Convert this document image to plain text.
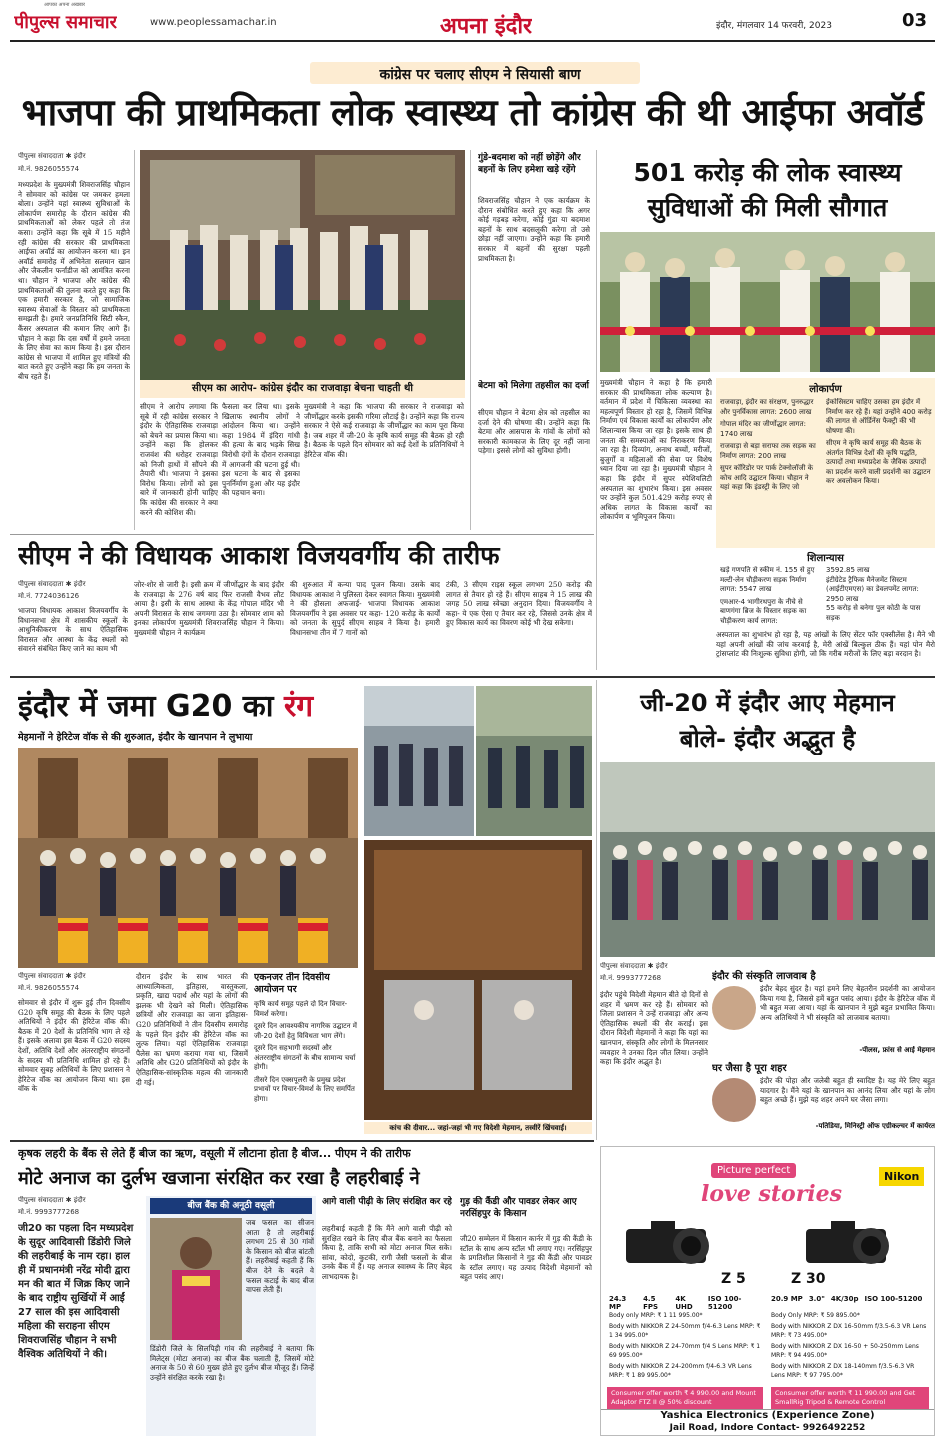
आपका अपना अखबार
पीपुल्स समाचार	www.peoplessamachar.in	अपना इंदौर	इंदौर, मंगलवार 14 फरवरी, 2023	03
कांग्रेस पर चलाए सीएम ने सियासी बाण
भाजपा की प्राथमिकता लोक स्वास्थ्य तो कांग्रेस की थी आईफा अवॉर्ड
पीपुल्स संवाददाता ✱ इंदौर
मो.नं. 9826055574
मध्यप्रदेश के मुख्यमंत्री शिवराजसिंह चौहान ने सोमवार को कांग्रेस पर जमकर हमला बोला। उन्होंने यहां स्वास्थ्य सुविधाओं के लोकार्पण समारोह के दौरान कांग्रेस की प्राथमिकताओं को लेकर पहले तो तंज कसा। उन्होंने कहा कि सूबे में 15 महीने रही कांग्रेस की सरकार की प्राथमिकता आईफा अवॉर्ड का आयोजन करना था। इन अवॉर्ड समारोह में अभिनेता सलमान खान और जैकलीन फर्नांडीज को आमंत्रित करना था। चौहान ने भाजपा और कांग्रेस की प्राथमिकताओं की तुलना करते हुए कहा कि एक हमारी सरकार है, जो सामाजिक स्वास्थ्य सेवाओं के विस्तार को प्राथमिकता समझती है। हमारे जनप्रतिनिधि सिटी स्कैन, कैंसर अस्पताल की कमान लिए आगे हैं। चौहान ने कहा कि दस वर्षों में हमने जनता के लिए सेवा का काम किया है। इस दौरान कांग्रेस से भाजपा में शामिल हुए मंत्रियों की बात करते हुए उन्होंने कहा कि हम जनता के बीच रहते हैं।
सीएम का आरोप- कांग्रेस इंदौर का राजवाड़ा बेचना चाहती थी
सीएम ने आरोप लगाया कि सूबे में रही कांग्रेस सरकार ने इंदौर के ऐतिहासिक राजवाड़ा को बेचने का प्रयास किया था। उन्होंने कहा कि होलकर राजवंश की धरोहर राजवाड़ा को निजी हाथों में सौंपने की तैयारी थी। भाजपा ने इसका विरोध किया। लोगों को इस बारे में जानकारी होनी चाहिए कि कांग्रेस की सरकार ने क्या करने की कोशिश की।
फैसला कर लिया था। इसके खिलाफ स्थानीय लोगों ने आंदोलन किया था। उन्होंने कहा 1984 में इंदिरा गांधी की हत्या के बाद भड़के सिख विरोधी दंगों के दौरान राजवाड़ा में आगजनी की घटना हुई थी। इस घटना के बाद से इसका पुनर्निर्माण हुआ और यह इंदौर की पहचान बना।
मुख्यमंत्री ने कहा कि भाजपा की सरकार ने राजवाड़ा को जीर्णोद्धार करके इसकी गरिमा लौटाई है। उन्होंने कहा कि राज्य सरकार ने ऐसे कई राजवाड़ा के जीर्णोद्धार का काम पूरा किया है। जब शहर में जी-20 के कृषि कार्य समूह की बैठक हो रही है। बैठक के पहले दिन सोमवार को कई देशों के प्रतिनिधियों ने हेरिटेज वॉक की।
गुंडे-बदमाश को नहीं छोड़ेंगे और बहनों के लिए हमेशा खड़े रहेंगे
शिवराजसिंह चौहान ने एक कार्यक्रम के दौरान संबोधित करते हुए कहा कि अगर कोई गड़बड़ करेगा, कोई गुंडा या बदमाश बहनों के साथ बदसलूकी करेगा तो उसे छोड़ा नहीं जाएगा। उन्होंने कहा कि हमारी सरकार में बहनों की सुरक्षा पहली प्राथमिकता है।
बेटमा को मिलेगा तहसील का दर्जा
सीएम चौहान ने बेटमा क्षेत्र को तहसील का दर्जा देने की घोषणा की। उन्होंने कहा कि बेटमा और आसपास के गांवों के लोगों को सरकारी कामकाज के लिए दूर नहीं जाना पड़ेगा। इससे लोगों को सुविधा होगी।
501 करोड़ की लोक स्वास्थ्य
सुविधाओं की मिली सौगात
मुख्यमंत्री चौहान ने कहा है कि हमारी सरकार की प्राथमिकता लोक कल्याण है। वर्तमान में प्रदेश में चिकित्सा व्यवस्था का महत्वपूर्ण विस्तार हो रहा है, जिसमें विभिन्न निर्माण एवं विकास कार्यों का लोकार्पण और शिलान्यास किया जा रहा है। इसके साथ ही जनता की समस्याओं का निराकरण किया जा रहा है। दिव्यांग, अनाथ बच्चों, मरीजों, बुजुर्गों व महिलाओं की सेवा पर विशेष ध्यान दिया जा रहा है। मुख्यमंत्री चौहान ने कहा कि इंदौर में सुपर स्पेशियलिटी अस्पताल का शुभारंभ किया। इस अवसर पर उन्होंने कुल 501.429 करोड़ रुपए से अधिक लागत के विकास कार्यों का लोकार्पण व भूमिपूजन किया।
लोकार्पण
राजवाड़ा, इंदौर का संरक्षण, पुनरुद्धार और पुनर्विकास लागत: 2600 लाख
गोपाल मंदिर का जीर्णोद्धार लागत: 1740 लाख
राजवाड़ा से बड़ा सराफा तक सड़क का निर्माण लागत: 200 लाख
सुपर कॉरिडोर पर पार्क टेक्नोलॉजी के कोच आदि उद्घाटन किया। चौहान ने यहां कहा कि इंडस्ट्री के लिए जो
ईकोसिस्टम चाहिए उसका हम इंदौर में निर्माण कर रहे हैं। यहां उन्होंने 400 करोड़ की लागत से ऑर्डिनेंस फैक्ट्री की भी घोषणा की।
सीएम ने कृषि कार्य समूह की बैठक के अंतर्गत विभिन्न देशों की कृषि पद्धति, उत्पादों तथा मध्यप्रदेश के जैविक उत्पादों का प्रदर्शन करने वाली प्रदर्शनी का उद्घाटन कर अवलोकन किया।
शिलान्यास
खड़े गणपति से स्कीम नं. 155 से हुए मल्टी-लेन चौड़ीकरण सड़क निर्माण लागत: 5547 लाख
एमआर-4 भागीरथपुरा के नीचे से बाणगंगा ब्रिज के विस्तार सड़क का चौड़ीकरण कार्य लागत:
3592.85 लाख
इंटीग्रेटेड ट्रैफिक मैनेजमेंट सिस्टम (आईटीएमएस) का डेवलपमेंट लागत: 2950 लाख
55 करोड़ से बनेगा पुल कोठी के पास सड़क
अस्पताल का शुभारंभ हो रहा है, यह आंखों के लिए सेंटर फॉर एक्सीलेंस है। मैने भी यहां अपनी आंखों की जांच करवाई है, मेरी आंखें बिल्कुल ठीक हैं। यहां पोन मैरो ट्रांसप्लांट की निःशुल्क सुविधा होगी, जो कि गरीब मरीजों के लिए बड़ा वरदान है।
सीएम ने की विधायक आकाश विजयवर्गीय की तारीफ
पीपुल्स संवाददाता ✱ इंदौर
मो.नं. 7724036126
भाजपा विधायक आकाश विजयवर्गीय के विधानसभा क्षेत्र में शासकीय स्कूलों के आधुनिकीकरण के साथ ऐतिहासिक विरासत और आस्था के केंद्र स्थलों को संवारने संबंधित किए जाने का काम भी
जोर-शोर से जारी है। इसी क्रम में जीर्णोद्धार के बाद इंदौर के राजवाड़ा के 276 वर्ष बाद फिर राजसी वैभव लौट आया है। इसी के साथ आस्था के केंद्र गोपाल मंदिर भी अपनी विरासत के साथ जगमगा उठा है। सोमवार शाम को इनका लोकार्पण मुख्यमंत्री शिवराजसिंह चौहान ने किया। मुख्यमंत्री चौहान ने कार्यक्रम
की शुरुआत में कन्या पाद पूजन किया। उसके बाद विधायक आकाश ने पुलिस्ता देकर स्वागत किया। मुख्यमंत्री ने की हौसला अफजाई- भाजपा विधायक आकाश विजयवर्गीय ने इस अवसर पर कहा- 120 करोड़ के कार्यों को जनता के सुपुर्द सीएम साहब ने किया है। हमारी विधानसभा तीन में 7 गानों को
टंकी, 3 सीएम राइस स्कूल लगभग 250 करोड़ की लागत से तैयार हो रहे हैं। सीएम साहब ने 15 लाख की जगह 50 लाख स्वेच्छा अनुदान दिया। विजयवर्गीय ने कहा- ये एक ऐसा ए तैयार कर रहे, जिससे उनके क्षेत्र में हुए विकास कार्य का विवरण कोई भी देख सकेगा।
इंदौर में जमा G20 का रंग
मेहमानों ने हेरिटेज वॉक से की शुरुआत, इंदौर के खानपान ने लुभाया
पीपुल्स संवाददाता ✱ इंदौर
मो.नं. 9826055574
सोमवार से इंदौर में शुरू हुई तीन दिवसीय G20 कृषि समूह की बैठक के लिए पहले अतिथियों ने इंदौर की हेरिटेज वॉक की। बैठक में 20 देशों के प्रतिनिधि भाग ले रहे हैं। इसके अलावा इस बैठक में G20 सदस्य देशों, अतिथि देशों और अंतरराष्ट्रीय संगठनों के सदस्य भी प्रतिनिधि शामिल हो रहे हैं। सोमवार सुबह अतिथियों के लिए प्रशासन ने हेरिटेज वॉक का आयोजन किया था। इस वॉक के
दौरान इंदौर के साथ भारत की आध्यात्मिकता, इतिहास, वास्तुकला, प्रकृति, खाद्य पदार्थ और यहां के लोगों की झलक भी देखने को मिली। ऐतिहासिक छत्रियों और राजवाड़ा का जाना इतिहास- G20 प्रतिनिधियों ने तीन दिवसीय समारोह के पहले दिन इंदौर की हेरिटेज वॉक का लुत्फ लिया। यहां ऐतिहासिक राजवाड़ा पैलेस का भ्रमण कराया गया था, जिसमें अतिथि और G20 प्रतिनिधियों को इंदौर के ऐतिहासिक-सांस्कृतिक महत्व की जानकारी दी गई।
एकनजर तीन दिवसीय आयोजन पर
कृषि कार्य समूह पहले दो दिन विचार-विमर्श करेगा।
दूसरे दिन आवश्यकीय नागरिक उद्घाटन में जी-20 देशों हेतु विविधता भाग लेंगे।
दूसरे दिन सहभागी सदस्यों और अंतरराष्ट्रीय संगठनों के बीच सामान्य चर्चा होगी।
तीसरे दिन एक्सपूलरी के प्रमुख प्रदेश प्रभावों पर विचार-विमर्श के लिए समर्पित होगा।
कांच की दीवार... जहां-जहां भी गए विदेशी मेहमान, तस्वीरें खिंचवाईं।
जी-20 में इंदौर आए मेहमान
बोले- इंदौर अद्भुत है
पीपुल्स संवाददाता ✱ इंदौर
मो.नं. 9993777268
इंदौर पहुंचे विदेशी मेहमान बीते दो दिनों से शहर में भ्रमण कर रहे हैं। सोमवार को जिला प्रशासन ने उन्हें राजवाड़ा और अन्य ऐतिहासिक स्थलों की सैर कराई। इस दौरान विदेशी मेहमानों ने कहा कि यहां का खानपान, संस्कृति और लोगों के मिलनसार व्यवहार ने उनका दिल जीत लिया। उन्होंने कहा कि इंदौर अद्भुत है।
इंदौर की संस्कृति लाजवाब है
इंदौर बेहद सुंदर है। यहां हमने लिए बेहतरीन प्रदर्शनी का आयोजन किया गया है, जिससे हमें बहुत पसंद आया। इंदौर के हेरिटेज वॉक में भी बहुत मजा आया। यहां के खानपान ने मुझे बहुत प्रभावित किया। अन्य अतिथियों ने भी संस्कृति को लाजवाब बताया।
-पीलस, फ्रांस से आई मेहमान
घर जैसा है पूरा शहर
इंदौर की पोहा और जलेबी बहुत ही स्वादिष्ट है। यह मेरे लिए बहुत यादगार है। मैंने यहां के खानपान का आनंद लिया और यहां के लोग बहुत अच्छे हैं। मुझे यह शहर अपने घर जैसा लगा।
-पतिडिया, मिनिस्ट्री ऑफ एग्रीकल्चर में कार्यरत
कृषक लहरी के बैंक से लेते हैं बीज का ऋण, वसूली में लौटाना होता है बीज... पीएम ने की तारीफ
मोटे अनाज का दुर्लभ खजाना संरक्षित कर रखा है लहरीबाई ने
पीपुल्स संवाददाता ✱ इंदौर
मो.नं. 9993777268
जी20 का पहला दिन मध्यप्रदेश के सुदूर आदिवासी डिंडोरी जिले की लहरीबाई के नाम रहा। हाल ही में प्रधानमंत्री नरेंद्र मोदी द्वारा मन की बात में जिक्र किए जाने के बाद राष्ट्रीय सुर्खियों में आईं 27 साल की इस आदिवासी महिला की सराहना सीएम शिवराजसिंह चौहान ने सभी वैश्विक अतिथियों ने की।
बीज बैंक की अनूठी वसूली
जब फसल का सीजन आता है तो लहरीबाई लगभग 25 से 30 गांवों के किसान को बीज बांटती हैं। लहरीबाई कहती हैं कि बीज देने के बदले वे फसल कटाई के बाद बीज वापस लेती हैं।
डिंडोरी जिले के सिलपिड़ी गांव की लहरीबाई ने बताया कि मिलेट्स (मोटा अनाज) का बीज बैंक चलाती हैं, जिसमें मोटे अनाज के 50 से 60 मुख्य होते हुए दुर्लभ बीज मौजूद हैं। जिन्हें उन्होंने संरक्षित करके रखा है।
आगे वाली पीढ़ी के लिए संरक्षित कर रहे
लहरीबाई कहती हैं कि मैंने आगे वाली पीढ़ी को सुरक्षित रखने के लिए बीज बैंक बनाने का फैसला किया है, ताकि सभी को मोटा अनाज मिल सके। सांवा, कोदो, कुटकी, रागी जैसी फसलों के बीज उनके बैंक में हैं। यह अनाज स्वास्थ्य के लिए बेहद लाभदायक है।
गुड़ की कैंडी और पावडर लेकर आए नरसिंहपुर के किसान
जी20 सम्मेलन में किसान कार्नर में गुड़ की कैंडी के स्टॉल के साथ अन्य स्टॉल भी लगाए गए। नरसिंहपुर के प्रगतिशील किसानों ने गुड़ की कैंडी और पावडर के स्टॉल लगाए। यह उत्पाद विदेशी मेहमानों को बहुत पसंद आए।
Picture perfect
love stories
Nikon
Z 5	Z 30
24.3 MP
4.5 FPS
4K UHD
ISO 100-51200
20.9 MP 3.0" 4K/30p ISO 100-51200
Body only MRP: ₹ 1 11 995.00*
Body with NIKKOR Z 24-50mm f/4-6.3 Lens MRP: ₹ 1 34 995.00*
Body with NIKKOR Z 24-70mm f/4 S Lens MRP: ₹ 1 69 995.00*
Body with NIKKOR Z 24-200mm f/4-6.3 VR Lens MRP: ₹ 1 89 995.00*
Body Only MRP: ₹ 59 895.00*
Body with NIKKOR Z DX 16-50mm f/3.5-6.3 VR Lens MRP: ₹ 73 495.00*
Body with NIKKOR Z DX 16-50 + 50-250mm Lens MRP: ₹ 94 495.00*
Body with NIKKOR Z DX 18-140mm f/3.5-6.3 VR Lens MRP: ₹ 97 795.00*
Consumer offer worth ₹ 4 990.00 and Mount Adaptor FTZ II @ 50% discount
Consumer offer worth ₹ 11 990.00 and Get SmallRig Tripod & Remote Control
Yashica Electronics (Experience Zone)
Jail Road, Indore Contact- 9926492252
